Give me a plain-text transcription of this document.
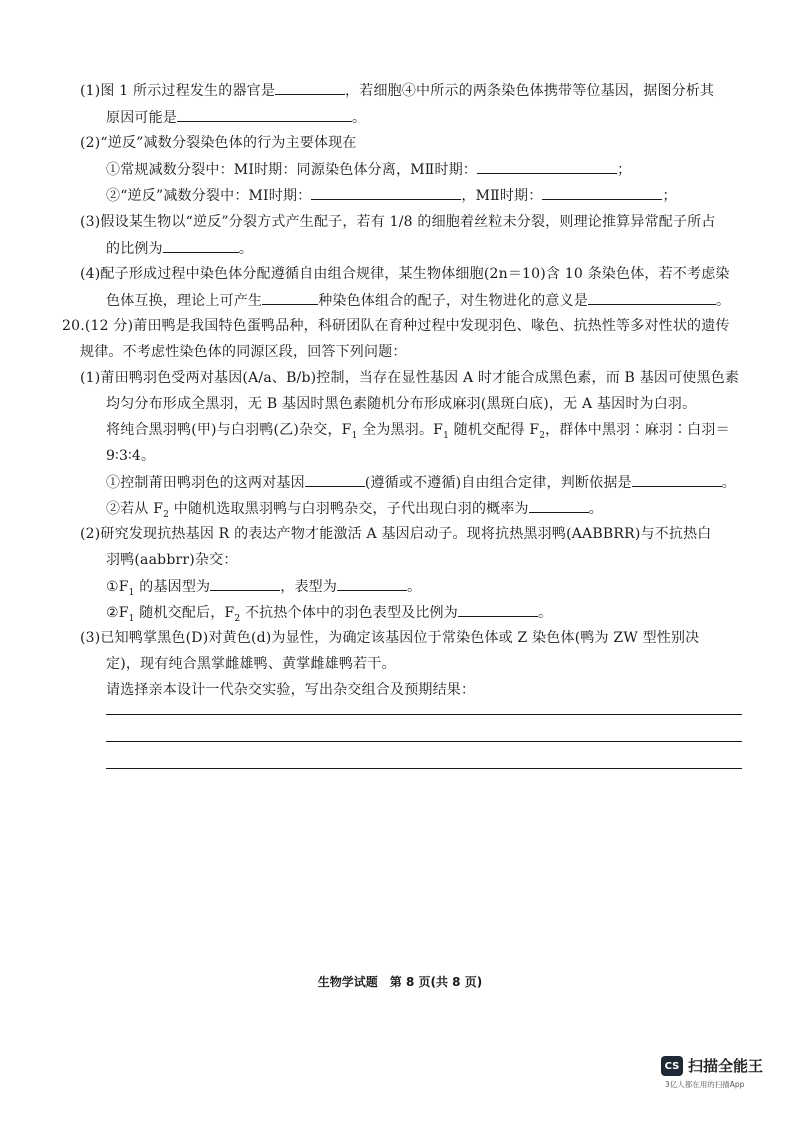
(1)图 1 所示过程发生的器官是	，若细胞④中所示的两条染色体携带等位基因，据图分析其
原因可能是	。
(2)“逆反”减数分裂染色体的行为主要体现在
①常规减数分裂中：MⅠ时期：同源染色体分离，MⅡ时期：	；
②“逆反”减数分裂中：MⅠ时期：	，MⅡ时期：	；
(3)假设某生物以“逆反”分裂方式产生配子，若有 1/8 的细胞着丝粒未分裂，则理论推算异常配子所占
的比例为	。
(4)配子形成过程中染色体分配遵循自由组合规律，某生物体细胞(2n＝10)含 10 条染色体，若不考虑染
色体互换，理论上可产生	种染色体组合的配子，对生物进化的意义是	。
20.(12 分)莆田鸭是我国特色蛋鸭品种，科研团队在育种过程中发现羽色、喙色、抗热性等多对性状的遗传
规律。不考虑性染色体的同源区段，回答下列问题：
(1)莆田鸭羽色受两对基因(A/a、B/b)控制，当存在显性基因 A 时才能合成黑色素，而 B 基因可使黑色素
均匀分布形成全黑羽，无 B 基因时黑色素随机分布形成麻羽(黑斑白底)，无 A 基因时为白羽。
将纯合黑羽鸭(甲)与白羽鸭(乙)杂交，$F_1$ 全为黑羽。$F_1$ 随机交配得 $F_2$，群体中黑羽∶麻羽∶白羽＝
9∶3∶4。
①控制莆田鸭羽色的这两对基因	(遵循或不遵循)自由组合定律，判断依据是	。
②若从 $F_2$ 中随机选取黑羽鸭与白羽鸭杂交，子代出现白羽的概率为	。
(2)研究发现抗热基因 R 的表达产物才能激活 A 基因启动子。现将抗热黑羽鸭(AABBRR)与不抗热白
羽鸭(aabbrr)杂交：
$①F_1$ 的基因型为	，表型为	。
$②F_1$ 随机交配后，$F_2$ 不抗热个体中的羽色表型及比例为	。
(3)已知鸭掌黑色(D)对黄色(d)为显性，为确定该基因位于常染色体或 Z 染色体(鸭为 ZW 型性别决
定)，现有纯合黑掌雌雄鸭、黄掌雌雄鸭若干。
请选择亲本设计一代杂交实验，写出杂交组合及预期结果：
生物学试题　第 8 页(共 8 页)
CS 扫描全能王
3亿人都在用的扫描App
